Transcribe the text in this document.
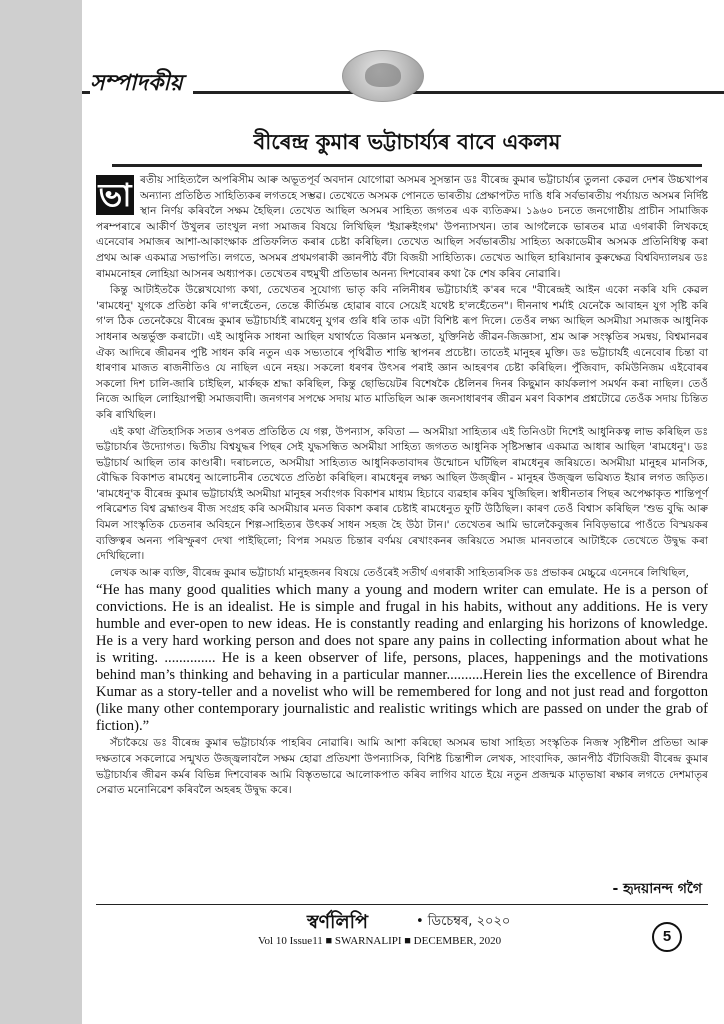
সম্পাদকীয়
বীৰেন্দ্ৰ কুমাৰ ভট্টাচাৰ্য্যৰ বাবে একলম

ভা ৰতীয় সাহিত্যলৈ অপৰিসীম আৰু অভূতপূৰ্ব অবদান যোগোৱা অসমৰ সুসন্তান ডঃ বীৰেন্দ্ৰ কুমাৰ ভট্টাচাৰ্য্যৰ তুলনা কেৱল দেশৰ উচ্চখাপৰ অন্যান্য প্ৰতিষ্ঠিত সাহিত্যিকৰ লগতহে সম্ভৱ। তেখেতে অসমক পোনতে ভাৰতীয় প্ৰেক্ষাপটত দাঙি ধৰি সৰ্বভাৰতীয় পৰ্য্যায়ত অসমৰ নিৰ্দিষ্ট স্থান নিৰ্ণয় কৰিবলৈ সক্ষম হৈছিল। তেখেত আছিল অসমৰ সাহিত্য জগতৰ এক ব্যতিক্ৰম। ১৯৬০ চনতে জনগোষ্ঠীয় প্ৰাচীন সামাজিক পৰম্পৰাৰে আকীৰ্ণ উখুলৰ তাংখুল নগা সমাজৰ বিষয়ে লিখিছিল 'ইয়াৰুইংগম' উপন্যাসখন। তাৰ আগলৈকে ভাৰতৰ মাত্ৰ এগৰাকী লিখকহে এনেবোৰ সমাজৰ আশা-আকাংক্ষাক প্ৰতিফলিত কৰাৰ চেষ্টা কৰিছিল। তেখেত আছিল সৰ্বভাৰতীয় সাহিত্য অকাডেমীৰ অসমক প্ৰতিনিধিত্ব কৰা প্ৰথম আৰু একমাত্ৰ সভাপতি। লগতে, অসমৰ প্ৰথমগৰাকী জ্ঞানপীঠ বঁটা বিজয়ী সাহিত্যিক। তেখেত আছিল হাৰিয়ানাৰ কুৰুক্ষেত্ৰ বিশ্ববিদ্যালয়ৰ ডঃ ৰামমনোহৰ লোহিয়া আসনৰ অধ্যাপক। তেখেতৰ বহুমুখী প্ৰতিভাৰ অনন্য দিশবোৰৰ কথা কৈ শেষ কৰিব নোৱাৰি।

কিন্তু আটাইতকৈ উল্লেখযোগ্য কথা, তেখেতৰ সুযোগ্য ভাতৃ কবি নলিনীধৰ ভট্টাচাৰ্য্যই ক'ৰৰ দৰে "বীৰেন্দ্ৰই আইন একো নকৰি যদি কেৱল 'ৰামধেনু' যুগকে প্ৰতিষ্ঠা কৰি গ'লহেঁতেন, তেন্তে কীৰ্তিমন্ত হোৱাৰ বাবে সেয়েই যথেষ্ট হ'লহেঁতেন"। দীননাথ শৰ্মাই যেনেকৈ আবাহন যুগ সৃষ্টি কৰি গ'ল ঠিক তেনেকৈয়ে বীৰেন্দ্ৰ কুমাৰ ভট্টাচাৰ্য্যই ৰামধেনু যুগৰ গুৰি ধৰি তাক এটা বিশিষ্ট ৰূপ দিলে। তেওঁৰ লক্ষ্য আছিল অসমীয়া সমাজক আধুনিক সাধনাৰ অন্তৰ্ভুক্ত কৰাটো। এই আধুনিক সাধনা আছিল যথাৰ্থতে বিজ্ঞান মনস্কতা, যুক্তিনিষ্ঠ জীৱন-জিজ্ঞাসা, শ্ৰম আৰু সংস্কৃতিৰ সমন্বয়, বিশ্বমানৱৰ ঐক্য আদিৰে জীৱনৰ পুষ্টি সাধন কৰি নতুন এক সভ্যতাৰে পৃথিৱীত শান্তি স্থাপনৰ প্ৰচেষ্টা। তাতেই মানুহৰ মুক্তি। ডঃ ভট্টাচাৰ্যই এনেবোৰ চিন্তা বা ধাৰণাৰ মাজত ৰাজনীতিও যে নাছিল এনে নহয়। সকলো ধৰণৰ উৎসৰ পৰাই জ্ঞান আহৰণৰ চেষ্টা কৰিছিল। পুঁজিবাদ, কমিউনিজম এইবোৰৰ সকলো দিশ চালি-জাৰি চাইছিল, মাৰ্কছক শ্ৰদ্ধা কৰিছিল, কিন্তু ছোভিয়েটৰ বিশেষকৈ ষ্টেলিনৰ দিনৰ কিছুমান কাৰ্যকলাপ সমৰ্থন কৰা নাছিল। তেওঁ নিজে আছিল লোহিয়াপন্থী সমাজবাদী। জনগণৰ সপক্ষে সদায় মাত মাতিছিল আৰু জনসাধাৰণৰ জীৱন মৰণ বিকাশৰ প্ৰশ্নটোৱে তেওঁক সদায় চিন্তিত কৰি ৰাখিছিল।

এই কথা ঐতিহাসিক সত্যৰ ওপৰত প্ৰতিষ্ঠিত যে গল্প, উপন্যাস, কবিতা — অসমীয়া সাহিত্যৰ এই তিনিওটা দিশেই আধুনিকত্ব লাভ কৰিছিল ডঃ ভট্টাচাৰ্য্যৰ উদ্যোগত। দ্বিতীয় বিশ্বযুদ্ধৰ পিছৰ সেই যুদ্ধসন্ধিত অসমীয়া সাহিত্য জগতত আধুনিক সৃষ্টিসম্ভাৰ একমাত্ৰ আধাৰ আছিল 'ৰামধেনু'। ডঃ ভট্টাচাৰ্য আছিল তাৰ কাণ্ডাৰী। দৰাচলতে, অসমীয়া সাহিত্যত আধুনিকতাবাদৰ উন্মোচন ঘটিছিল ৰামধেনুৰ জৰিয়তে। অসমীয়া মানুহৰ মানসিক, বৌদ্ধিক বিকাশত ৰামধেনু আলোচনীৰ তেখেতে প্ৰতিষ্ঠা কৰিছিল। ৰামধেনুৰ লক্ষ্য আছিল উজ্জ্বীন - মানুহৰ উজ্জ্বল ভৱিষ্যত ইয়াৰ লগত জড়িত। 'ৰামধেনু'ক বীৰেন্দ্ৰ কুমাৰ ভট্টাচাৰ্য্যই অসমীয়া মানুহৰ সৰ্বাংগক বিকাশৰ মাধ্যম হিচাবে ব্যৱহাৰ কৰিব খুজিছিল। স্বাধীনতাৰ পিছৰ অপেক্ষাকৃত শান্তিপূৰ্ণ পৰিৱেশত বিশ্ব ব্ৰহ্মাণ্ডৰ বীজ সংগ্ৰহ কৰি অসমীয়াৰ মনত বিকাশ কৰাৰ চেষ্টাই ৰামধেনুত ফুটি উঠিছিল। কাৰণ তেওঁ বিশ্বাস কৰিছিল 'শুভ বুদ্ধি আৰু বিমল সাংস্কৃতিক চেতনাৰ অবিহনে শিল্প-সাহিত্যৰ উৎকৰ্ষ সাধন সহজ হৈ উঠা টান।' তেখেতৰ আমি ভালেকৈবুজৰ নিবিড়ভাৱে পাওঁতে বিস্ময়কৰ ব্যক্তিত্বৰ অনন্য পৰিস্ফুৰণ দেখা পাইছিলো; বিপন্ন সময়ত চিন্তাৰ বৰ্ণময় ৰেখাংকনৰ জৰিয়তে সমাজ মানবতাৰে আটাইকে তেখেতে উদ্বুদ্ধ কৰা দেখিছিলো।

লেখক আৰু ব্যক্তি, বীৰেন্দ্ৰ কুমাৰ ভট্টাচাৰ্য্য মানুহজনৰ বিষয়ে তেওঁৰেই সতীৰ্থ এগৰাকী সাহিত্যৰসিক ডঃ প্ৰভাকৰ মেচ্চুৱে এনেদৰে লিখিছিল,

“He has many good qualities which many a young and modern writer can emulate. He is a person of convictions. He is an idealist. He is simple and frugal in his habits, without any additions. He is very humble and ever-open to new ideas. He is constantly reading and enlarging his horizons of knowledge. He is a very hard working person and does not spare any pains in collecting information about what he is writing. .............. He is a keen observer of life, persons, places, happenings and the motivations behind man’s thinking and behaving in a particular manner..........Herein lies the excellence of Birendra Kumar as a story-teller and a novelist who will be remembered for long and not just read and forgotton (like many other contemporary journalistic and realistic writings which are passed on under the grab of fiction).”

সঁচাকৈয়ে ডঃ বীৰেন্দ্ৰ কুমাৰ ভট্টাচাৰ্য্যক পাহৰিব নোৱাৰি। আমি আশা কৰিছো অসমৰ ভাষা সাহিত্য সংস্কৃতিক নিজস্ব সৃষ্টিশীল প্ৰতিভা আৰু দক্ষতাৰে সকলোৱে সন্মুখত উজ্জ্বলাবলৈ সক্ষম হোৱা প্ৰতিযশা উপন্যাসিক, বিশিষ্ট চিন্তাশীল লেখক, সাংবাদিক, জ্ঞানপীঠ বঁটাবিজয়ী বীৰেন্দ্ৰ কুমাৰ ভট্টাচাৰ্য্যৰ জীৱন কৰ্মৰ বিভিন্ন দিশবোৰক আমি বিস্তৃতভাৱে আলোকপাত কৰিব লাগিব যাতে ইয়ে নতুন প্ৰজন্মক মাতৃভাষা ৰক্ষাৰ লগতে দেশমাতৃৰ সেৱাত মনোনিৱেশ কৰিবলৈ অহৰহ উদ্বুদ্ধ কৰে।

- হৃদয়ানন্দ গগৈ
স্বৰ্ণলিপি	• ডিচেম্বৰ, ২০২০
Vol 10 Issue11 ■ SWARNALIPI ■ DECEMBER, 2020	5
